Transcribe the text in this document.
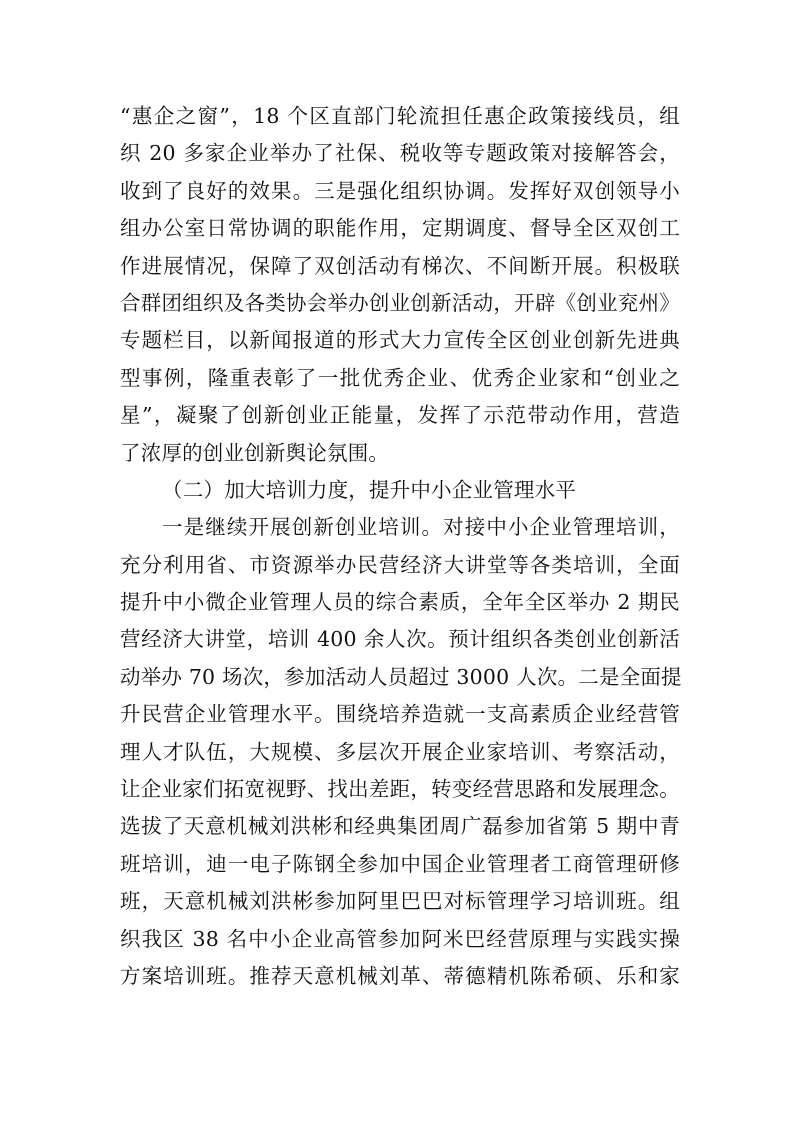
“惠企之窗”，18 个区直部门轮流担任惠企政策接线员，组
织 20 多家企业举办了社保、税收等专题政策对接解答会，
收到了良好的效果。三是强化组织协调。发挥好双创领导小
组办公室日常协调的职能作用，定期调度、督导全区双创工
作进展情况，保障了双创活动有梯次、不间断开展。积极联
合群团组织及各类协会举办创业创新活动，开辟《创业兖州》
专题栏目，以新闻报道的形式大力宣传全区创业创新先进典
型事例，隆重表彰了一批优秀企业、优秀企业家和“创业之
星”，凝聚了创新创业正能量，发挥了示范带动作用，营造
了浓厚的创业创新舆论氛围。
（二）加大培训力度，提升中小企业管理水平
一是继续开展创新创业培训。对接中小企业管理培训，
充分利用省、市资源举办民营经济大讲堂等各类培训，全面
提升中小微企业管理人员的综合素质，全年全区举办 2 期民
营经济大讲堂，培训 400 余人次。预计组织各类创业创新活
动举办 70 场次，参加活动人员超过 3000 人次。二是全面提
升民营企业管理水平。围绕培养造就一支高素质企业经营管
理人才队伍，大规模、多层次开展企业家培训、考察活动，
让企业家们拓宽视野、找出差距，转变经营思路和发展理念。
选拔了天意机械刘洪彬和经典集团周广磊参加省第 5 期中青
班培训，迪一电子陈钢全参加中国企业管理者工商管理研修
班，天意机械刘洪彬参加阿里巴巴对标管理学习培训班。组
织我区 38 名中小企业高管参加阿米巴经营原理与实践实操
方案培训班。推荐天意机械刘革、蒂德精机陈希硕、乐和家
